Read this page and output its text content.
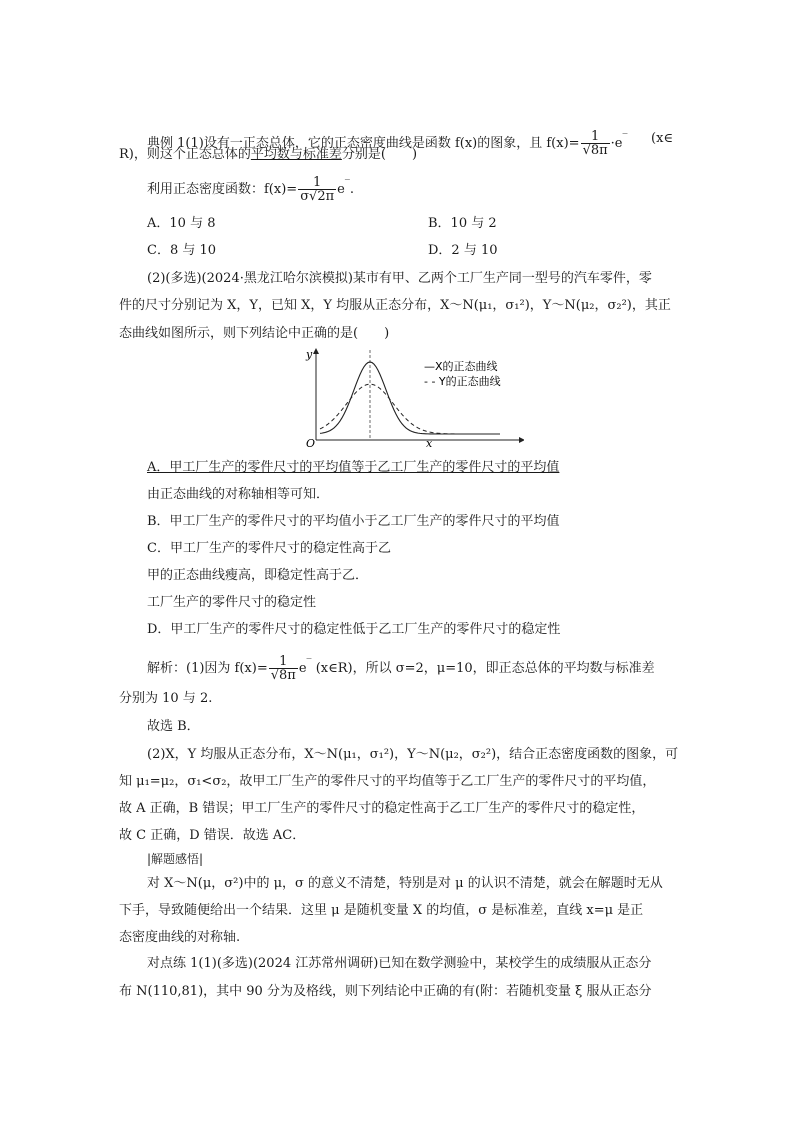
典例 1(1)设有一正态总体，它的正态密度曲线是函数 f(x)的图象，且 $f(x)= \frac{1}{√8\pi} \cdot e^‾$ (x∈
R)，则这个正态总体的平均数与标准差分别是(　　)
利用正态密度函数：$f(x)= \frac{1}{\sigma√2\pi} e^‾$.
A．10 与 8	B．10 与 2
C．8 与 10	D．2 与 10
(2)(多选)(2024·黑龙江哈尔滨模拟)某市有甲、乙两个工厂生产同一型号的汽车零件，零
件的尺寸分别记为 X，Y，已知 X，Y 均服从正态分布，X～N(μ₁，σ₁²)，Y～N(μ₂，σ₂²)，其正
态曲线如图所示，则下列结论中正确的是(　　)
y
O	x
—X的正态曲线
- - Y的正态曲线
A．甲工厂生产的零件尺寸的平均值等于乙工厂生产的零件尺寸的平均值
由正态曲线的对称轴相等可知．
B．甲工厂生产的零件尺寸的平均值小于乙工厂生产的零件尺寸的平均值
C．甲工厂生产的零件尺寸的稳定性高于乙
甲的正态曲线瘦高，即稳定性高于乙．
工厂生产的零件尺寸的稳定性
D．甲工厂生产的零件尺寸的稳定性低于乙工厂生产的零件尺寸的稳定性
解析：(1)因为 $f(x)= \frac{1}{√8\pi} e^‾$ (x∈R)，所以 σ=2，μ=10，即正态总体的平均数与标准差
分别为 10 与 2.
故选 B．
(2)X，Y 均服从正态分布，X～N(μ₁，σ₁²)，Y～N(μ₂，σ₂²)，结合正态密度函数的图象，可
知 μ₁=μ₂，σ₁<σ₂，故甲工厂生产的零件尺寸的平均值等于乙工厂生产的零件尺寸的平均值，
故 A 正确，B 错误；甲工厂生产的零件尺寸的稳定性高于乙工厂生产的零件尺寸的稳定性，
故 C 正确，D 错误．故选 AC．
|解题感悟|
对 X～N(μ，σ²)中的 μ，σ 的意义不清楚，特别是对 μ 的认识不清楚，就会在解题时无从
下手，导致随便给出一个结果．这里 μ 是随机变量 X 的均值，σ 是标准差，直线 x=μ 是正
态密度曲线的对称轴.
对点练 1(1)(多选)(2024 江苏常州调研)已知在数学测验中，某校学生的成绩服从正态分
布 N(110,81)，其中 90 分为及格线，则下列结论中正确的有(附：若随机变量 ξ 服从正态分
